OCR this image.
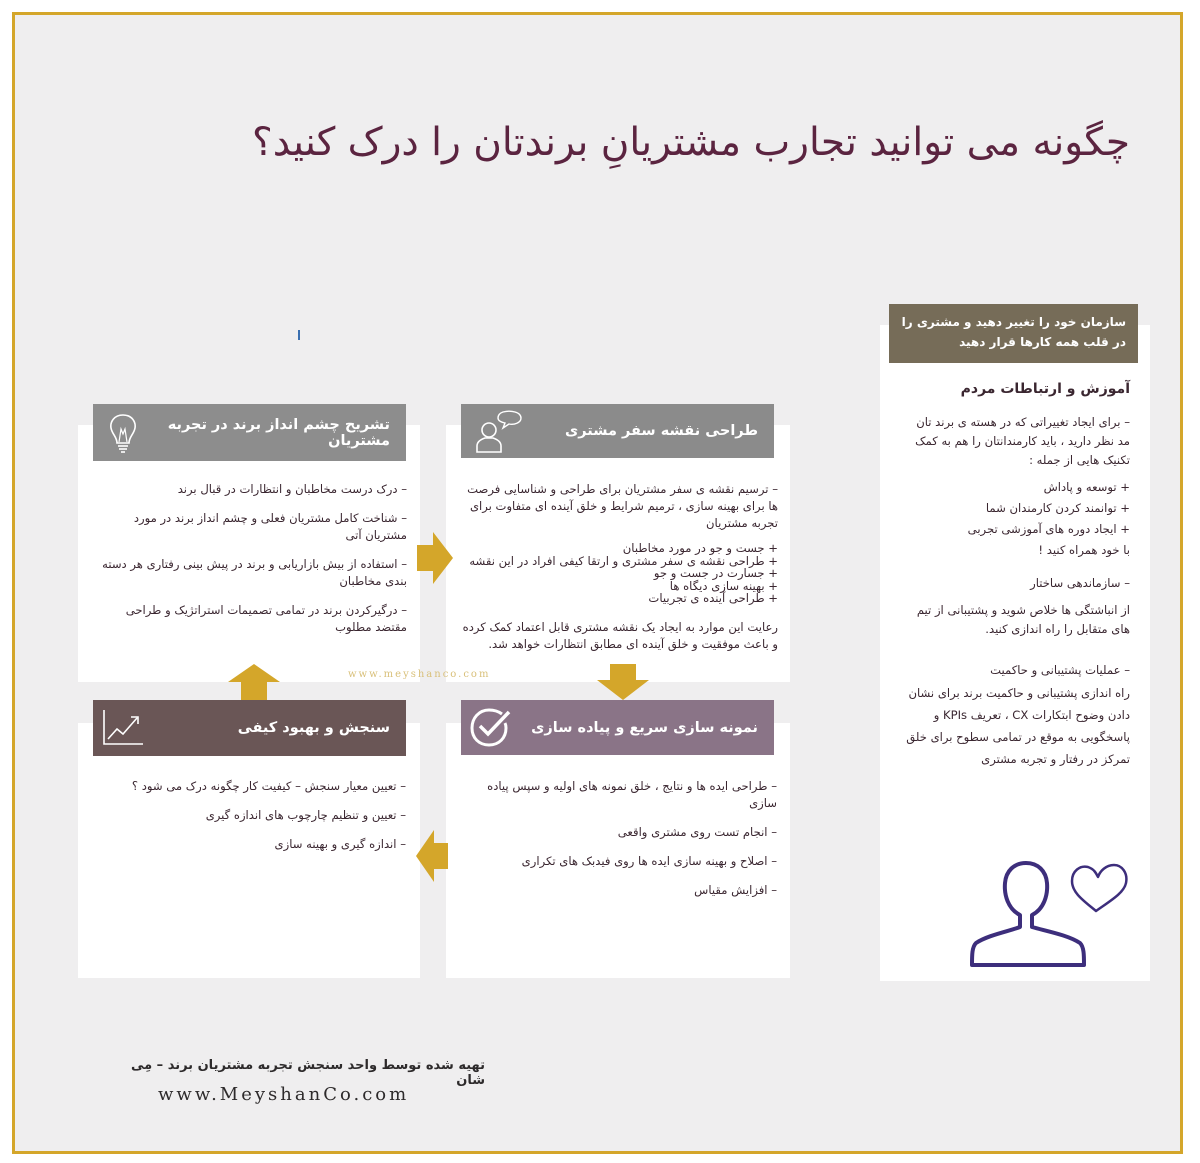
چگونه می توانید تجارب مشتریانِ برندتان را درک کنید؟
تشریح چشم انداز برند در تجربه مشتریان

– درک درست مخاطبان و انتظارات در قبال برند

– شناخت کامل مشتریان فعلی و چشم انداز برند در مورد مشتریان آتی

– استفاده از بیش بازاریابی و برند در پیش بینی رفتاری هر دسته بندی مخاطبان

– درگیرکردن برند در تمامی تصمیمات استراتژیک و طراحی مقتضد مطلوب

طراحی نقشه سفر مشتری

– ترسیم نقشه ی سفر مشتریان برای طراحی و شناسایی فرصت ها برای بهینه سازی ، ترمیم شرایط و خلق آینده ای متفاوت برای تجربه مشتریان

+ جست و جو در مورد مخاطبان

+ طراحی نقشه ی سفر مشتری و ارتقا کیفی افراد در این نقشه

+ جسارت در جست و جو

+ بهینه سازی دیگاه ها

+ طراحی آینده ی تجربیات

رعایت این موارد به ایجاد یک نقشه مشتری قابل اعتماد کمک کرده و باعث موفقیت و خلق آینده ای مطابق انتظارات خواهد شد.

سنجش و بهبود کیفی

– تعیین معیار سنجش – کیفیت کار چگونه درک می شود ؟

– تعیین و تنظیم چارچوب های اندازه گیری

– اندازه گیری و بهینه سازی

نمونه سازی سریع و پیاده سازی

– طراحی ایده ها و نتایج ، خلق نمونه های اولیه و سپس پیاده سازی

– انجام تست روی مشتری واقعی

– اصلاح و بهینه سازی ایده ها روی فیدبک های تکراری

– افزایش مقیاس

www.meyshanco.com
سازمان خود را تغییر دهید و مشتری را در قلب همه کارها قرار دهید
آموزش و ارتباطات مردم

– برای ایجاد تغییراتی که در هسته ی برند تان مد نظر دارید ، باید کارمندانتان را هم به کمک تکنیک هایی از جمله :

+ توسعه و پاداش

+ توانمند کردن کارمندان شما

+ ایجاد دوره های آموزشی تجربی

با خود همراه کنید !

– سازماندهی ساختار

از انباشتگی ها خلاص شوید و پشتیبانی از تیم های متقابل را راه اندازی کنید.

– عملیات پشتیبانی و حاکمیت

راه اندازی پشتیبانی و حاکمیت برند برای نشان دادن وضوح ابتکارات CX ، تعریف KPIs و پاسخگویی به موقع در تمامی سطوح برای خلق تمرکز در رفتار و تجربه مشتری

تهیه شده توسط واحد سنجش تجربه مشتریان برند – مِی شان
www.MeyshanCo.com
